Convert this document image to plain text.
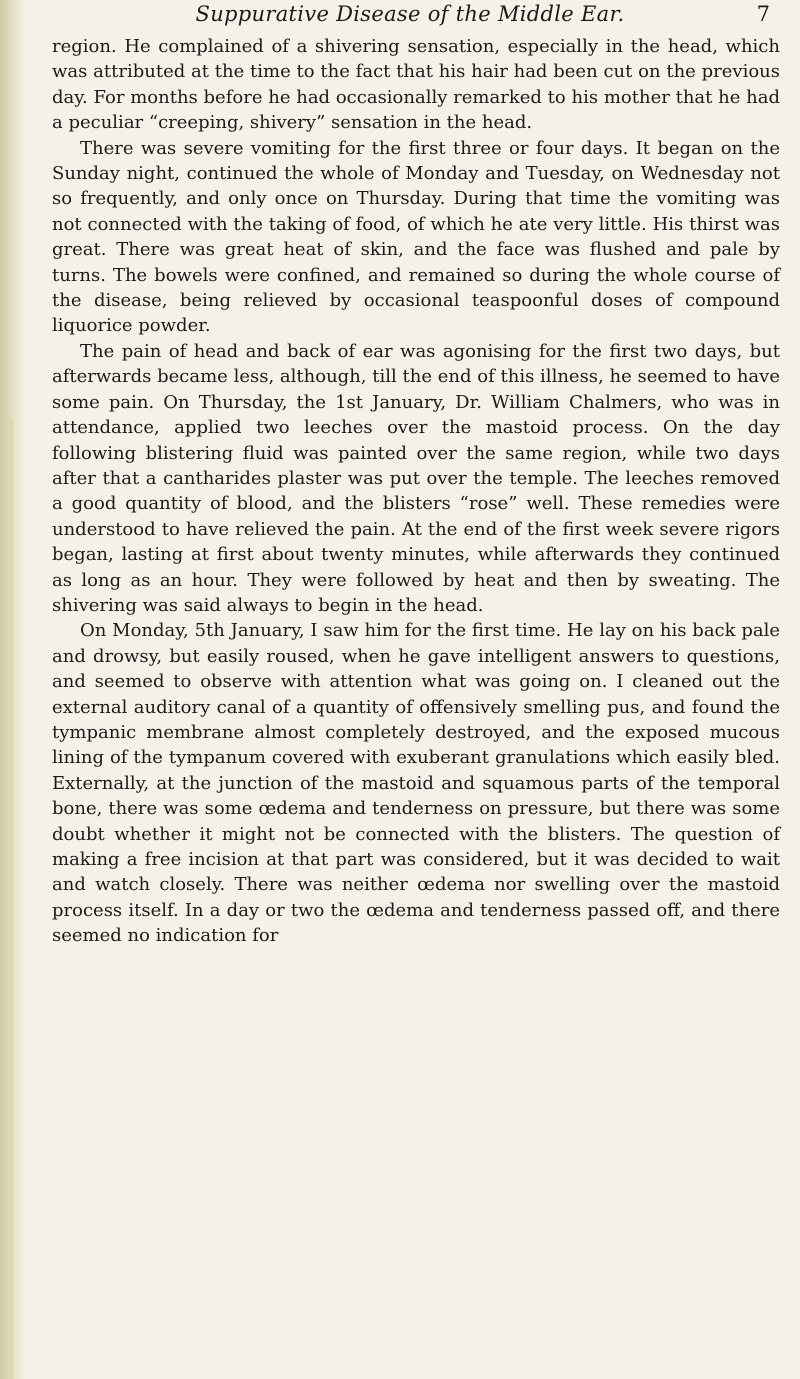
Suppurative Disease of the Middle Ear.	7

region. He complained of a shivering sensation, especially in the head, which was attributed at the time to the fact that his hair had been cut on the previous day. For months before he had occasionally remarked to his mother that he had a peculiar “creeping, shivery” sensation in the head.

There was severe vomiting for the first three or four days. It began on the Sunday night, continued the whole of Monday and Tuesday, on Wednesday not so frequently, and only once on Thursday. During that time the vomiting was not connected with the taking of food, of which he ate very little. His thirst was great. There was great heat of skin, and the face was flushed and pale by turns. The bowels were confined, and remained so during the whole course of the disease, being relieved by occasional teaspoonful doses of compound liquorice powder.

The pain of head and back of ear was agonising for the first two days, but afterwards became less, although, till the end of this illness, he seemed to have some pain. On Thursday, the 1st January, Dr. William Chalmers, who was in attendance, applied two leeches over the mastoid process. On the day following blistering fluid was painted over the same region, while two days after that a cantharides plaster was put over the temple. The leeches removed a good quantity of blood, and the blisters “rose” well. These remedies were understood to have relieved the pain. At the end of the first week severe rigors began, lasting at first about twenty minutes, while afterwards they continued as long as an hour. They were followed by heat and then by sweating. The shivering was said always to begin in the head.

On Monday, 5th January, I saw him for the first time. He lay on his back pale and drowsy, but easily roused, when he gave intelligent answers to questions, and seemed to observe with attention what was going on. I cleaned out the external auditory canal of a quantity of offensively smelling pus, and found the tympanic membrane almost completely destroyed, and the exposed mucous lining of the tympanum covered with exuberant granulations which easily bled. Externally, at the junction of the mastoid and squamous parts of the temporal bone, there was some œdema and tenderness on pressure, but there was some doubt whether it might not be connected with the blisters. The question of making a free incision at that part was considered, but it was decided to wait and watch closely. There was neither œdema nor swelling over the mastoid process itself. In a day or two the œdema and tenderness passed off, and there seemed no indication for
